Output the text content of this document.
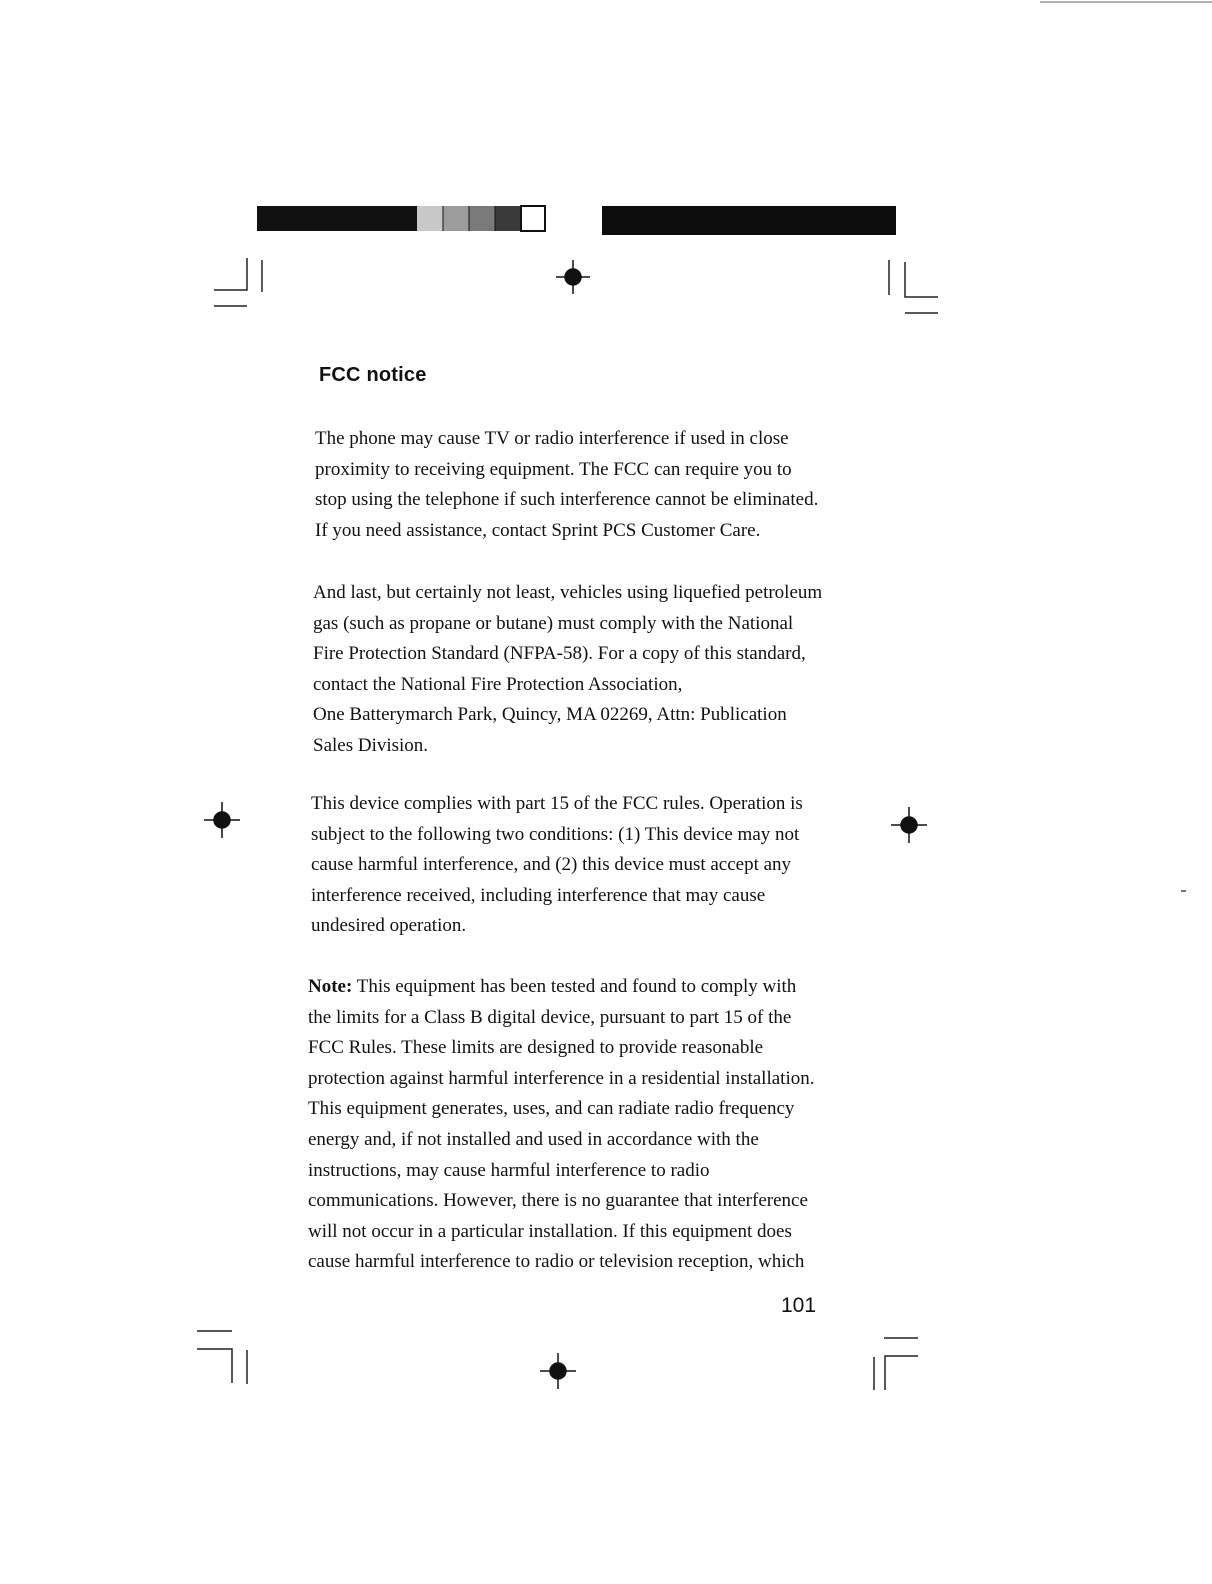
FCC notice
The phone may cause TV or radio interference if used in close
proximity to receiving equipment. The FCC can require you to
stop using the telephone if such interference cannot be eliminated.
If you need assistance, contact Sprint PCS Customer Care.
And last, but certainly not least, vehicles using liquefied petroleum
gas (such as propane or butane) must comply with the National
Fire Protection Standard (NFPA-58). For a copy of this standard,
contact the National Fire Protection Association,
One Batterymarch Park, Quincy, MA 02269, Attn: Publication
Sales Division.
This device complies with part 15 of the FCC rules. Operation is
subject to the following two conditions: (1) This device may not
cause harmful interference, and (2) this device must accept any
interference received, including interference that may cause
undesired operation.
Note: This equipment has been tested and found to comply with
the limits for a Class B digital device, pursuant to part 15 of the
FCC Rules. These limits are designed to provide reasonable
protection against harmful interference in a residential installation.
This equipment generates, uses, and can radiate radio frequency
energy and, if not installed and used in accordance with the
instructions, may cause harmful interference to radio
communications. However, there is no guarantee that interference
will not occur in a particular installation. If this equipment does
cause harmful interference to radio or television reception, which
101
